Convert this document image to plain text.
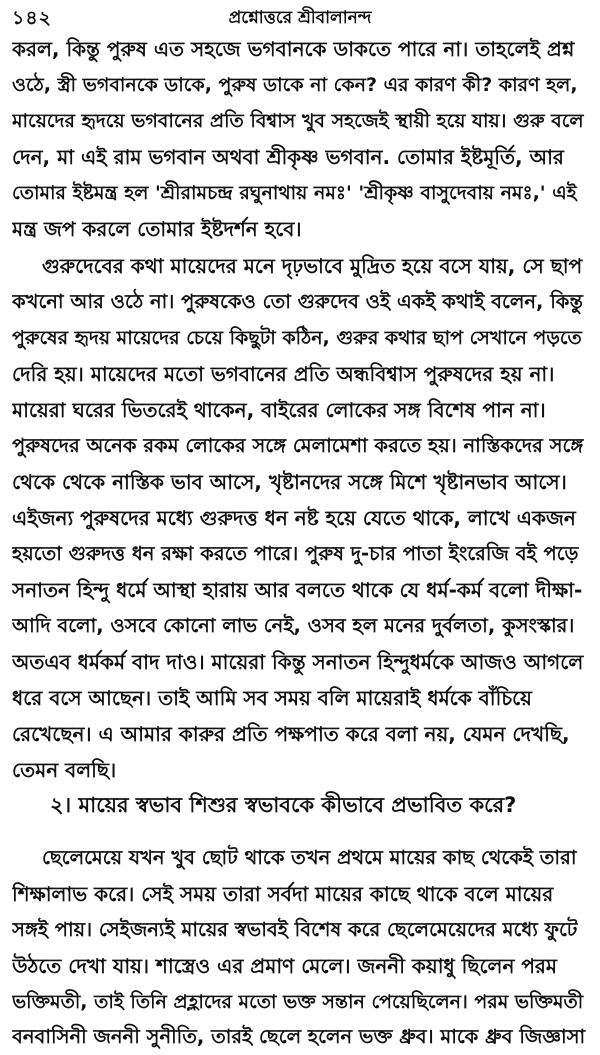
১৪২	প্রশ্নোত্তরে শ্রীবালানন্দ
করল, কিন্তু পুরুষ এত সহজে ভগবানকে ডাকতে পারে না। তাহলেই প্রশ্ন
ওঠে, স্ত্রী ভগবানকে ডাকে, পুরুষ ডাকে না কেন? এর কারণ কী? কারণ হল,
মায়েদের হৃদয়ে ভগবানের প্রতি বিশ্বাস খুব সহজেই স্থায়ী হয়ে যায়। গুরু বলে
দেন, মা এই রাম ভগবান অথবা শ্রীকৃষ্ণ ভগবান. তোমার ইষ্টমূর্তি, আর
তোমার ইষ্টমন্ত্র হল 'শ্রীরামচন্দ্র রঘুনাথায় নমঃ' 'শ্রীকৃষ্ণ বাসুদেবায় নমঃ,' এই
মন্ত্র জপ করলে তোমার ইষ্টদর্শন হবে।
গুরুদেবের কথা মায়েদের মনে দৃঢ়ভাবে মুদ্রিত হয়ে বসে যায়, সে ছাপ
কখনো আর ওঠে না। পুরুষকেও তো গুরুদেব ওই একই কথাই বলেন, কিন্তু
পুরুষের হৃদয় মায়েদের চেয়ে কিছুটা কঠিন, গুরুর কথার ছাপ সেখানে পড়তে
দেরি হয়। মায়েদের মতো ভগবানের প্রতি অন্ধবিশ্বাস পুরুষদের হয় না।
মায়েরা ঘরের ভিতরেই থাকেন, বাইরের লোকের সঙ্গ বিশেষ পান না।
পুরুষদের অনেক রকম লোকের সঙ্গে মেলামেশা করতে হয়। নাস্তিকদের সঙ্গে
থেকে থেকে নাস্তিক ভাব আসে, খৃষ্টানদের সঙ্গে মিশে খৃষ্টানভাব আসে।
এইজন্য পুরুষদের মধ্যে গুরুদত্ত ধন নষ্ট হয়ে যেতে থাকে, লাখে একজন
হয়তো গুরুদত্ত ধন রক্ষা করতে পারে। পুরুষ দু-চার পাতা ইংরেজি বই পড়ে
সনাতন হিন্দু ধর্মে আস্থা হারায় আর বলতে থাকে যে ধর্ম-কর্ম বলো দীক্ষা-
আদি বলো, ওসবে কোনো লাভ নেই, ওসব হল মনের দুর্বলতা, কুসংস্কার।
অতএব ধর্মকর্ম বাদ দাও। মায়েরা কিন্তু সনাতন হিন্দুধর্মকে আজও আগলে
ধরে বসে আছেন। তাই আমি সব সময় বলি মায়েরাই ধর্মকে বাঁচিয়ে
রেখেছেন। এ আমার কারুর প্রতি পক্ষপাত করে বলা নয়, যেমন দেখছি,
তেমন বলছি।
২। মায়ের স্বভাব শিশুর স্বভাবকে কীভাবে প্রভাবিত করে?
ছেলেমেয়ে যখন খুব ছোট থাকে তখন প্রথমে মায়ের কাছ থেকেই তারা
শিক্ষালাভ করে। সেই সময় তারা সর্বদা মায়ের কাছে থাকে বলে মায়ের
সঙ্গই পায়। সেইজন্যই মায়ের স্বভাবই বিশেষ করে ছেলেমেয়েদের মধ্যে ফুটে
উঠতে দেখা যায়। শাস্ত্রেও এর প্রমাণ মেলে। জননী কয়াধু ছিলেন পরম
ভক্তিমতী, তাই তিনি প্রহ্লাদের মতো ভক্ত সন্তান পেয়েছিলেন। পরম ভক্তিমতী
বনবাসিনী জননী সুনীতি, তারই ছেলে হলেন ভক্ত ধ্রুব। মাকে ধ্রুব জিজ্ঞাসা
